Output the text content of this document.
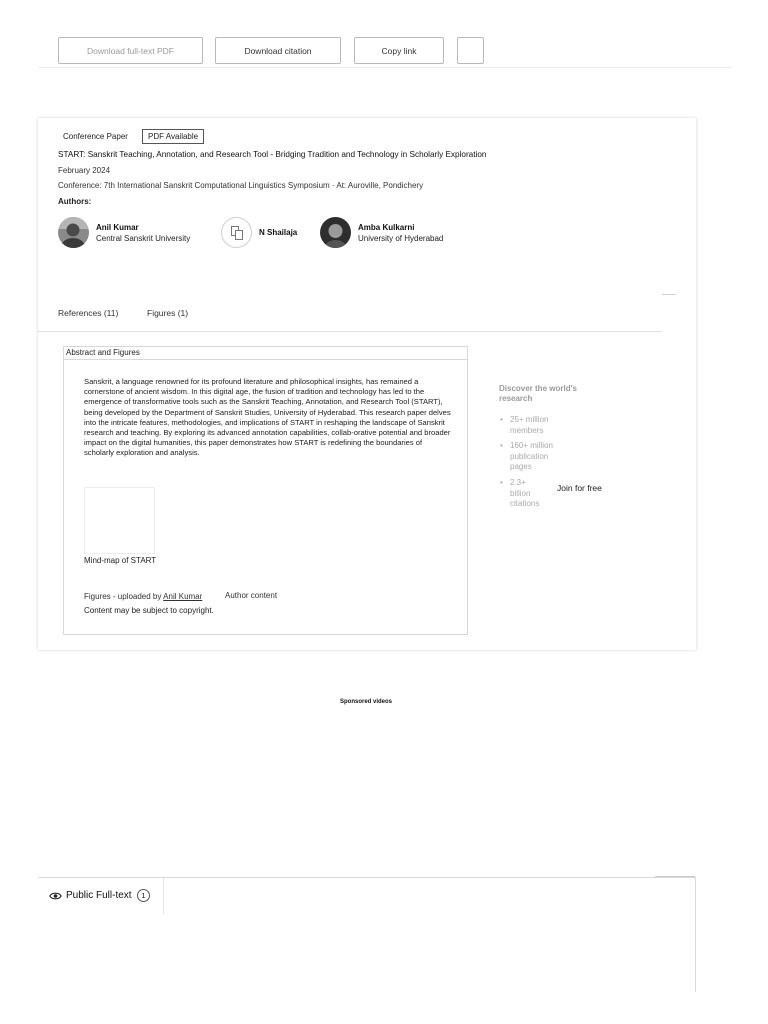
Download full-text PDF	Download citation	Copy link
Conference Paper	PDF Available
START: Sanskrit Teaching, Annotation, and Research Tool - Bridging Tradition and Technology in Scholarly Exploration
February 2024
Conference: 7th International Sanskrit Computational Linguistics Symposium · At: Auroville, Pondichery
Authors:
Anil Kumar
Central Sanskrit University
N Shailaja
Amba Kulkarni
University of Hyderabad
References (11)	Figures (1)
Abstract and Figures
Sanskrit, a language renowned for its profound literature and philosophical insights, has remained a cornerstone of ancient wisdom. In this digital age, the fusion of tradition and technology has led to the emergence of transformative tools such as the Sanskrit Teaching, Annotation, and Research Tool (START), being developed by the Department of Sanskrit Studies, University of Hyderabad. This research paper delves into the intricate features, methodologies, and implications of START in reshaping the landscape of Sanskrit research and teaching. By exploring its advanced annotation capabilities, collab-orative potential and broader impact on the digital humanities, this paper demonstrates how START is redefining the boundaries of scholarly exploration and analysis.
Mind-map of START
Figures - uploaded by Anil Kumar	Author content
Content may be subject to copyright.
Discover the world's research
• 25+ million members
• 160+ million publication pages
• 2.3+ billion citations
Join for free
Sponsored videos
Public Full-text	1
